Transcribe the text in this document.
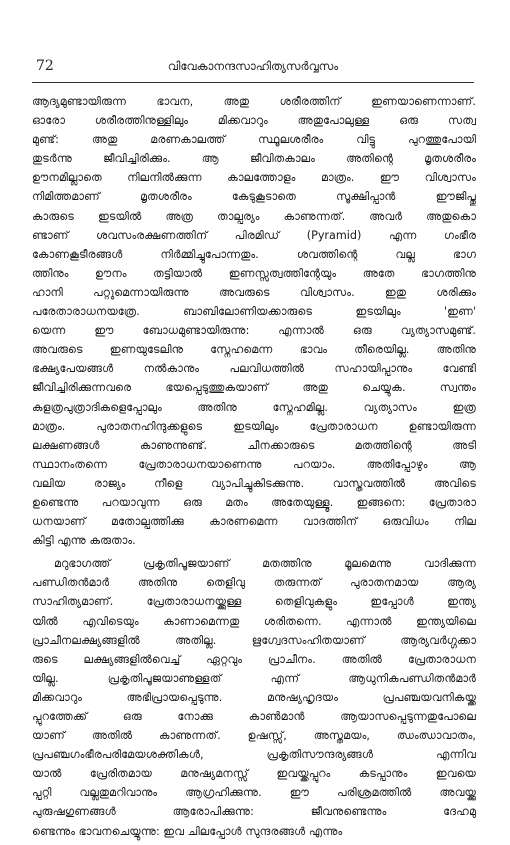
72	വിവേകാനന്ദസാഹിത്യസർവ്വസം
ആദ്യമുണ്ടായിരുന്ന ഭാവന, അതു ശരീരത്തിന് ഇണയാണെന്നാണ്.
ഓരോ ശരീരത്തിനുള്ളിലും മിക്കവാറും അതുപോലുള്ള ഒരു സത്വ
മുണ്ട്: അതു മരണകാലത്ത് സ്ഥൂലശരീരം വിട്ടു പുറത്തുപോയി
തുടർന്നു ജീവിച്ചിരിക്കും. ആ ജീവിതകാലം അതിന്റെ മൃതശരീരം
ഊനമില്ലാതെ നിലനിൽക്കുന്ന കാലത്തോളം മാത്രം. ഈ വിശ്വാസം
നിമിത്തമാണ് മൃതശരീരം കേടുകൂടാതെ സൂക്ഷിപ്പാൻ ഈജിപ്തു
കാരുടെ ഇടയിൽ അത്ര താല്പര്യം കാണുന്നത്. അവർ അതുകൊ
ണ്ടാണ് ശവസംരക്ഷണത്തിന് പിരമിഡ് (Pyramid) എന്ന ഗംഭീര
കോണകൂടീരങ്ങൾ നിർമ്മിച്ചുപോന്നതും. ശവത്തിന്റെ വല്ല ഭാഗ
ത്തിനും ഊനം തട്ടിയാൽ ഇണസ്സത്വത്തിന്റേയും അതേ ഭാഗത്തിനു
ഹാനി പറ്റുമെന്നായിരുന്നു അവരുടെ വിശ്വാസം. ഇതു ശരിക്കും
പരേതാരാധനയത്രേ. ബാബിലോണിയക്കാരുടെ ഇടയിലും 'ഇണ'
യെന്ന ഈ ബോധമുണ്ടായിരുന്നു: എന്നാൽ ഒരു വ്യത്യാസമുണ്ട്.
അവരുടെ ഇണയുടേലിനു സ്നേഹമെന്ന ഭാവം തീരെയില്ല. അതിനു
ഭക്ഷ്യപേയങ്ങൾ നൽകാനും പലവിധത്തിൽ സഹായിപ്പാനും വേണ്ടി
ജീവിച്ചിരിക്കുന്നവരെ ഭയപ്പെടുത്തുകയാണ് അതു ചെയ്യുക. സ്വന്തം
കളത്രപുത്രാദികളെപ്പോലും അതിനു സ്നേഹമില്ല. വ്യത്യാസം ഇത്ര
മാത്രം. പുരാതനഹിന്ദുക്കളുടെ ഇടയിലും പ്രേതാരാധന ഉണ്ടായിരുന്ന
ലക്ഷണങ്ങൾ കാണുന്നുണ്ട്. ചീനക്കാരുടെ മതത്തിന്റെ അടി
സ്ഥാനംതന്നെ പ്രേതാരാധനയാണെന്നു പറയാം. അതിപ്പോഴും ആ
വലിയ രാജ്യം നീളെ വ്യാപിച്ചുകിടക്കുന്നു. വാസ്തവത്തിൽ അവിടെ
ഉണ്ടെന്നു പറയാവുന്ന ഒരു മതം അതേയുള്ളൂ. ഇങ്ങനെ: പ്രേതാരാ
ധനയാണ് മതോല്പത്തിക്കു കാരണമെന്ന വാദത്തിന് ഒരുവിധം നില
കിട്ടി എന്നു കരുതാം.
മറുഭാഗത്ത് പ്രകൃതിപൂജയാണ് മതത്തിനു മൂലമെന്നു വാദിക്കുന്ന
പണ്ഡിതൻമാർ അതിനു തെളിവു തരുന്നത് പുരാതനമായ ആര്യ
സാഹിത്യമാണ്. പ്രേതാരാധനയ്ക്കുള്ള തെളിവുകളും ഇപ്പോൾ ഇന്ത്യ
യിൽ എവിടെയും കാണാമെന്നതു ശരിതന്നെ. എന്നാൽ ഇന്ത്യയിലെ
പ്രാചീനലക്ഷ്യങ്ങളിൽ അതില്ല. ഋഗ്വേദസംഹിതയാണ് ആര്യവർഗ്ഗക്കാ
രുടെ ലക്ഷ്യങ്ങളിൽവെച്ച് ഏറ്റവും പ്രാചീനം. അതിൽ പ്രേതാരാധന
യില്ല. പ്രകൃതിപൂജയാണുള്ളത് എന്ന് ആധുനികപണ്ഡിതൻമാർ
മിക്കവാറും അഭിപ്രായപ്പെടുന്നു. മനുഷ്യഹൃദയം പ്രപഞ്ചയവനികയ്ക്ക
പ്പുറത്തേക്ക് ഒരു നോക്കു കാൺമാൻ ആയാസപ്പെടുന്നതുപോലെ
യാണ് അതിൽ കാണുന്നത്. ഉഷസ്സ്, അസ്തമയം, ഝംഝാവാതം,
പ്രപഞ്ചഗംഭീരപരിമേയശക്തികൾ, പ്രകൃതിസൗന്ദര്യങ്ങൾ എന്നിവ
യാൽ പ്രേരിതമായ മനുഷ്യമനസ്സ് ഇവയ്ക്കപ്പുറം കടപ്പാനും ഇവയെ
പ്പറ്റി വല്ലതുമറിവാനും ആഗ്രഹിക്കുന്നു. ഈ പരിശ്രമത്തിൽ അവയ്ക്കു
പുരുഷഗുണങ്ങൾ ആരോപിക്കുന്നു: ജീവനുണ്ടെന്നും ദേഹമു
ണ്ടെന്നും ഭാവനചെയ്യുന്നു: ഇവ ചിലപ്പോൾ സുന്ദരങ്ങൾ എന്നും
